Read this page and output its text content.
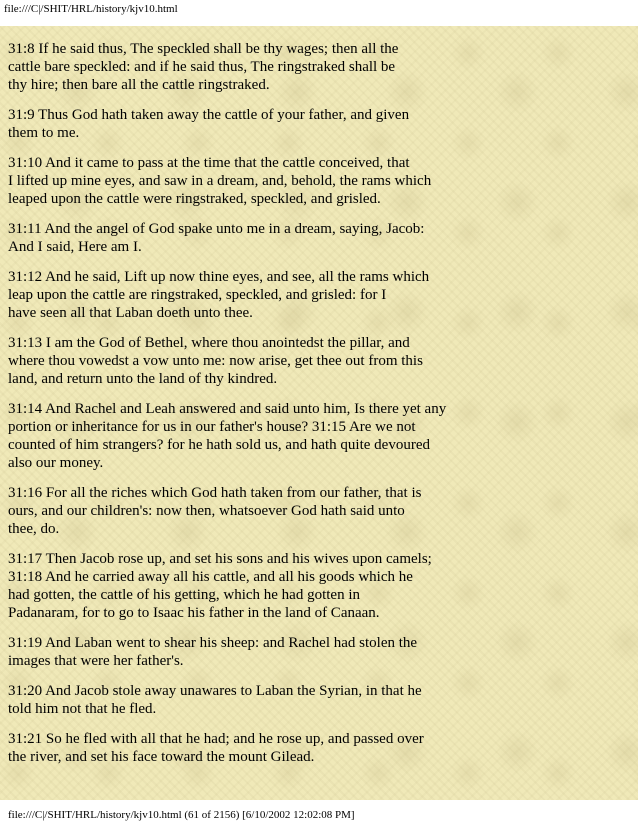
file:///C|/SHIT/HRL/history/kjv10.html

31:8 If he said thus, The speckled shall be thy wages; then all the
cattle bare speckled: and if he said thus, The ringstraked shall be
thy hire; then bare all the cattle ringstraked.

31:9 Thus God hath taken away the cattle of your father, and given
them to me.

31:10 And it came to pass at the time that the cattle conceived, that
I lifted up mine eyes, and saw in a dream, and, behold, the rams which
leaped upon the cattle were ringstraked, speckled, and grisled.

31:11 And the angel of God spake unto me in a dream, saying, Jacob:
And I said, Here am I.

31:12 And he said, Lift up now thine eyes, and see, all the rams which
leap upon the cattle are ringstraked, speckled, and grisled: for I
have seen all that Laban doeth unto thee.

31:13 I am the God of Bethel, where thou anointedst the pillar, and
where thou vowedst a vow unto me: now arise, get thee out from this
land, and return unto the land of thy kindred.

31:14 And Rachel and Leah answered and said unto him, Is there yet any
portion or inheritance for us in our father's house? 31:15 Are we not
counted of him strangers? for he hath sold us, and hath quite devoured
also our money.

31:16 For all the riches which God hath taken from our father, that is
ours, and our children's: now then, whatsoever God hath said unto
thee, do.

31:17 Then Jacob rose up, and set his sons and his wives upon camels;
31:18 And he carried away all his cattle, and all his goods which he
had gotten, the cattle of his getting, which he had gotten in
Padanaram, for to go to Isaac his father in the land of Canaan.

31:19 And Laban went to shear his sheep: and Rachel had stolen the
images that were her father's.

31:20 And Jacob stole away unawares to Laban the Syrian, in that he
told him not that he fled.

31:21 So he fled with all that he had; and he rose up, and passed over
the river, and set his face toward the mount Gilead.

file:///C|/SHIT/HRL/history/kjv10.html (61 of 2156) [6/10/2002 12:02:08 PM]
